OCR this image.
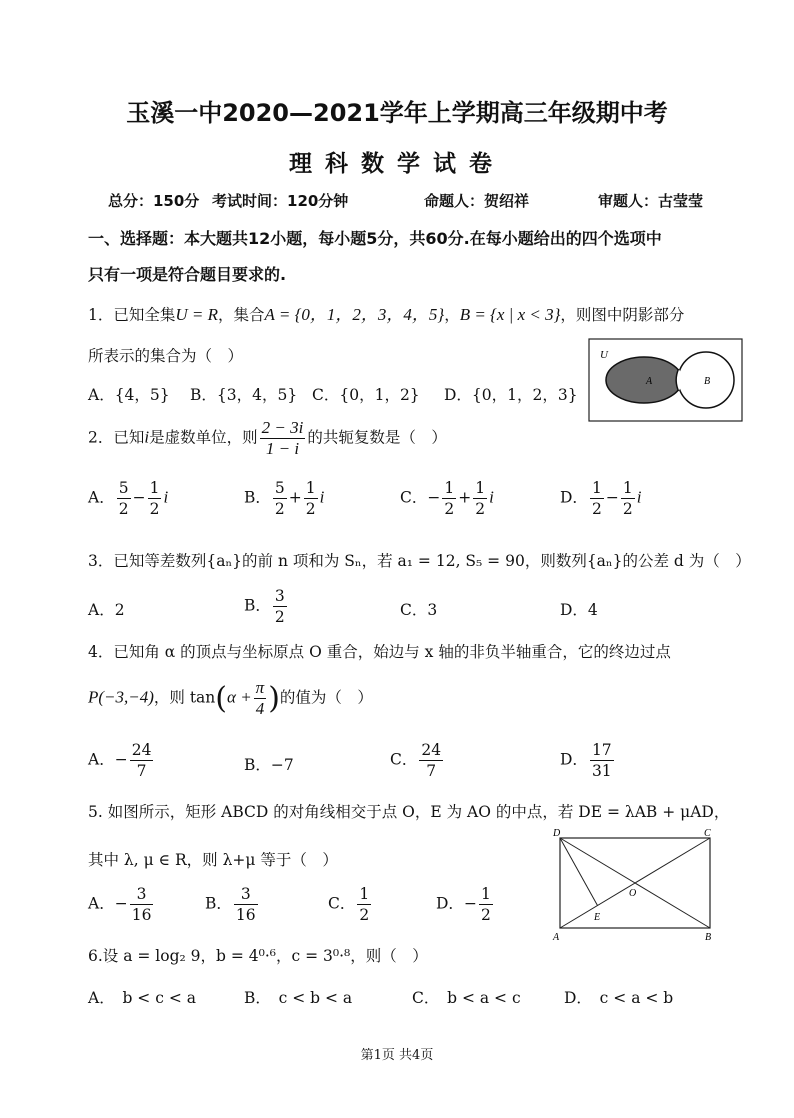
玉溪一中2020—2021学年上学期高三年级期中考
理科数学试卷
总分：150分 考试时间：120分钟	命题人：贺绍祥	审题人：古莹莹
一、选择题：本大题共12小题，每小题5分，共60分.在每小题给出的四个选项中
只有一项是符合题目要求的.
1．已知全集U = R，集合A = {0，1，2，3，4，5}，B = {x | x < 3}，则图中阴影部分
所表示的集合为（　）
A．{4，5} B．{3，4，5} C．{0，1，2} D．{0，1，2，3}
U
A	B
2．已知i是虚数单位，则 $\frac{2 - 3i}{1 - i}$ 的共轭复数是（　）
A． $\frac{5}{2} - \frac{1}{2}$ i	B． $\frac{5}{2} + \frac{1}{2}$ i	C．− $\frac{1}{2} + \frac{1}{2}$ i	D． $\frac{1}{2} - \frac{1}{2}$ i
3．已知等差数列{aₙ}的前 n 项和为 Sₙ，若 a₁ = 12, S₅ = 90，则数列{aₙ}的公差 d 为（　）
A．2	B． $\frac{3}{2}$	C．3	D．4
4．已知角 α 的顶点与坐标原点 O 重合，始边与 x 轴的非负半轴重合，它的终边过点
P(−3,−4)，则 $\tan(\alpha + \frac{\pi}{4}$ )的值为（　）
A．− $\frac{24}{7}$	B．−7	C． $\frac{24}{7}$	D． $\frac{17}{31}$
5. 如图所示，矩形 ABCD 的对角线相交于点 O，E 为 AO 的中点，若 DE = λAB + μAD，
其中 λ, μ ∈ R，则 λ+μ 等于（　）
A．− $\frac{3}{16}$	B． $\frac{3}{16}$	C． $\frac{1}{2}$	D．− $\frac{1}{2}$
D	C
A	B
E
O
6.设 a = log₂ 9，b = 4⁰·⁶，c = 3⁰·⁸，则（　）
A．　b < c < a	B．　c < b < a	C．　b < a < c	D．　c < a < b
第1页 共4页
